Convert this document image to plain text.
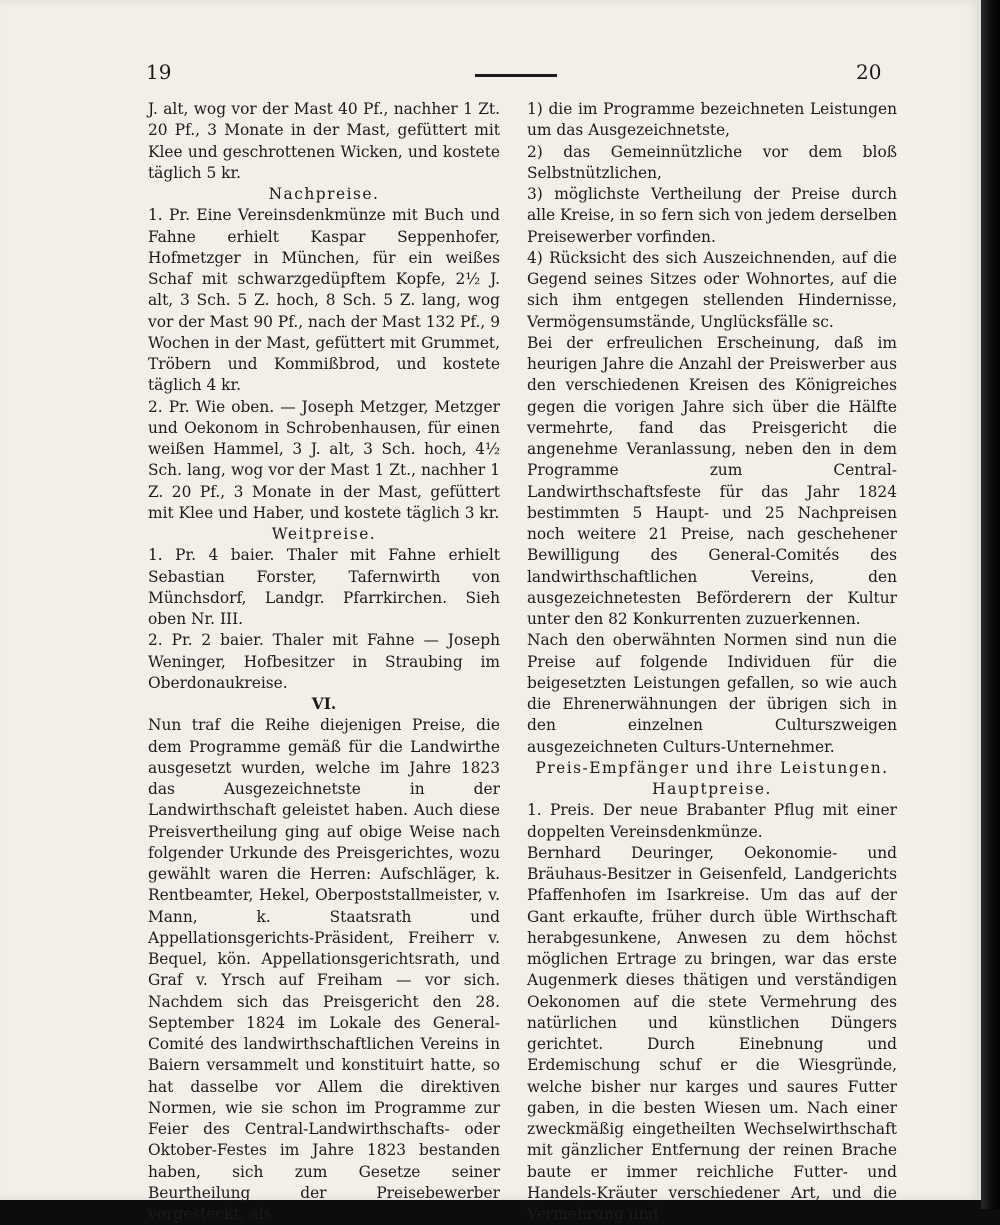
19	20

J. alt, wog vor der Mast 40 Pf., nachher 1 Zt. 20 Pf., 3 Monate in der Mast, gefüttert mit Klee und geschrottenen Wicken, und kostete täglich 5 kr.

Nachpreise.

1. Pr. Eine Vereinsdenkmünze mit Buch und Fahne erhielt Kaspar Seppenhofer, Hofmetzger in München, für ein weißes Schaf mit schwarzgedüpftem Kopfe, 2½ J. alt, 3 Sch. 5 Z. hoch, 8 Sch. 5 Z. lang, wog vor der Mast 90 Pf., nach der Mast 132 Pf., 9 Wochen in der Mast, gefüttert mit Grummet, Tröbern und Kommißbrod, und kostete täglich 4 kr.

2. Pr. Wie oben. — Joseph Metzger, Metzger und Oekonom in Schrobenhausen, für einen weißen Hammel, 3 J. alt, 3 Sch. hoch, 4½ Sch. lang, wog vor der Mast 1 Zt., nachher 1 Z. 20 Pf., 3 Monate in der Mast, gefüttert mit Klee und Haber, und kostete täglich 3 kr.

Weitpreise.

1. Pr. 4 baier. Thaler mit Fahne erhielt Sebastian Forster, Tafernwirth von Münchsdorf, Landgr. Pfarrkirchen. Sieh oben Nr. III.

2. Pr. 2 baier. Thaler mit Fahne — Joseph Weninger, Hofbesitzer in Straubing im Oberdonaukreise.

VI.

Nun traf die Reihe diejenigen Preise, die dem Programme gemäß für die Landwirthe ausgesetzt wurden, welche im Jahre 1823 das Ausgezeichnetste in der Landwirthschaft geleistet haben. Auch diese Preisvertheilung ging auf obige Weise nach folgender Urkunde des Preisgerichtes, wozu gewählt waren die Herren: Aufschläger, k. Rentbeamter, Hekel, Oberpoststallmeister, v. Mann, k. Staatsrath und Appellationsgerichts-Präsident, Freiherr v. Bequel, kön. Appellationsgerichtsrath, und Graf v. Yrsch auf Freiham — vor sich. Nachdem sich das Preisgericht den 28. September 1824 im Lokale des General-Comité des landwirthschaftlichen Vereins in Baiern versammelt und konstituirt hatte, so hat dasselbe vor Allem die direktiven Normen, wie sie schon im Programme zur Feier des Central-Landwirthschafts- oder Oktober-Festes im Jahre 1823 bestanden haben, sich zum Gesetze seiner Beurtheilung der Preisebewerber vorgesteckt, als

1) die im Programme bezeichneten Leistungen um das Ausgezeichnetste,

2) das Gemeinnützliche vor dem bloß Selbstnützlichen,

3) möglichste Vertheilung der Preise durch alle Kreise, in so fern sich von jedem derselben Preisewerber vorfinden.

4) Rücksicht des sich Auszeichnenden, auf die Gegend seines Sitzes oder Wohnortes, auf die sich ihm entgegen stellenden Hindernisse, Vermögensumstände, Unglücksfälle sc.

Bei der erfreulichen Erscheinung, daß im heurigen Jahre die Anzahl der Preiswerber aus den verschiedenen Kreisen des Königreiches gegen die vorigen Jahre sich über die Hälfte vermehrte, fand das Preisgericht die angenehme Veranlassung, neben den in dem Programme zum Central-Landwirthschaftsfeste für das Jahr 1824 bestimmten 5 Haupt- und 25 Nachpreisen noch weitere 21 Preise, nach geschehener Bewilligung des General-Comités des landwirthschaftlichen Vereins, den ausgezeichnetesten Beförderern der Kultur unter den 82 Konkurrenten zuzuerkennen.

Nach den oberwähnten Normen sind nun die Preise auf folgende Individuen für die beigesetzten Leistungen gefallen, so wie auch die Ehrenerwähnungen der übrigen sich in den einzelnen Culturszweigen ausgezeichneten Culturs-Unternehmer.

Preis-Empfänger und ihre Leistungen.

Hauptpreise.

1. Preis. Der neue Brabanter Pflug mit einer doppelten Vereinsdenkmünze.

Bernhard Deuringer, Oekonomie- und Bräuhaus-Besitzer in Geisenfeld, Landgerichts Pfaffenhofen im Isarkreise. Um das auf der Gant erkaufte, früher durch üble Wirthschaft herabgesunkene, Anwesen zu dem höchst möglichen Ertrage zu bringen, war das erste Augenmerk dieses thätigen und verständigen Oekonomen auf die stete Vermehrung des natürlichen und künstlichen Düngers gerichtet. Durch Einebnung und Erdemischung schuf er die Wiesgründe, welche bisher nur karges und saures Futter gaben, in die besten Wiesen um. Nach einer zweckmäßig eingetheilten Wechselwirthschaft mit gänzlicher Entfernung der reinen Brache baute er immer reichliche Futter- und Handels-Kräuter verschiedener Art, und die Vermehrung und
